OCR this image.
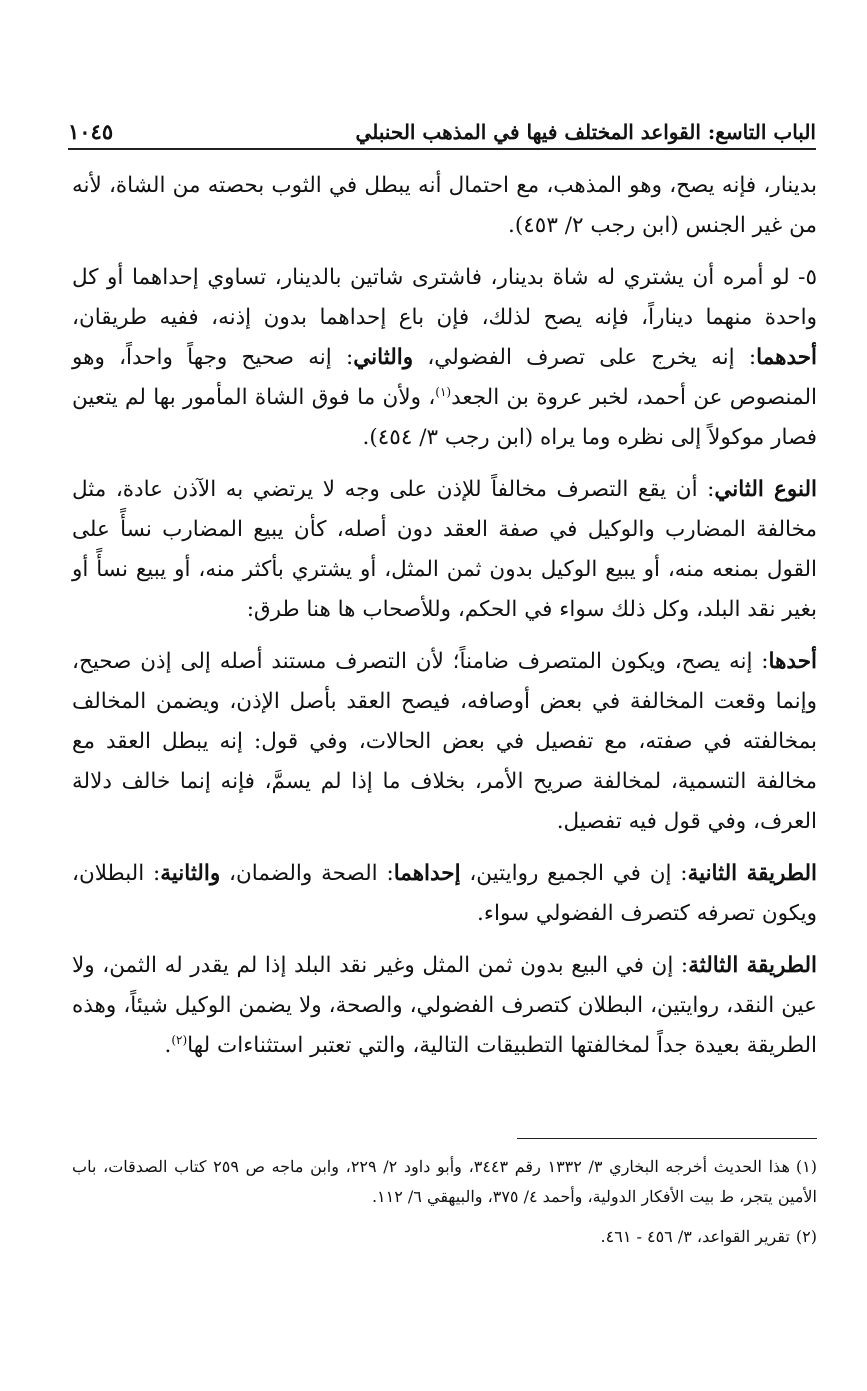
الباب التاسع: القواعد المختلف فيها في المذهب الحنبلي
١٠٤٥

بدينار، فإنه يصح، وهو المذهب، مع احتمال أنه يبطل في الثوب بحصته من الشاة، لأنه من غير الجنس (ابن رجب ٢/ ٤٥٣).

٥- لو أمره أن يشتري له شاة بدينار، فاشترى شاتين بالدينار، تساوي إحداهما أو كل واحدة منهما ديناراً، فإنه يصح لذلك، فإن باع إحداهما بدون إذنه، ففيه طريقان، أحدهما: إنه يخرج على تصرف الفضولي، والثاني: إنه صحيح وجهاً واحداً، وهو المنصوص عن أحمد، لخبر عروة بن الجعد$^{(١)}$، ولأن ما فوق الشاة المأمور بها لم يتعين فصار موكولاً إلى نظره وما يراه (ابن رجب ٣/ ٤٥٤).

النوع الثاني: أن يقع التصرف مخالفاً للإذن على وجه لا يرتضي به الآذن عادة، مثل مخالفة المضارب والوكيل في صفة العقد دون أصله، كأن يبيع المضارب نسأً على القول بمنعه منه، أو يبيع الوكيل بدون ثمن المثل، أو يشتري بأكثر منه، أو يبيع نسأً أو بغير نقد البلد، وكل ذلك سواء في الحكم، وللأصحاب ها هنا طرق:

أحدها: إنه يصح، ويكون المتصرف ضامناً؛ لأن التصرف مستند أصله إلى إذن صحيح، وإنما وقعت المخالفة في بعض أوصافه، فيصح العقد بأصل الإذن، ويضمن المخالف بمخالفته في صفته، مع تفصيل في بعض الحالات، وفي قول: إنه يبطل العقد مع مخالفة التسمية، لمخالفة صريح الأمر، بخلاف ما إذا لم يسمَّ، فإنه إنما خالف دلالة العرف، وفي قول فيه تفصيل.

الطريقة الثانية: إن في الجميع روايتين، إحداهما: الصحة والضمان، والثانية: البطلان، ويكون تصرفه كتصرف الفضولي سواء.

الطريقة الثالثة: إن في البيع بدون ثمن المثل وغير نقد البلد إذا لم يقدر له الثمن، ولا عين النقد، روايتين، البطلان كتصرف الفضولي، والصحة، ولا يضمن الوكيل شيئاً، وهذه الطريقة بعيدة جداً لمخالفتها التطبيقات التالية، والتي تعتبر استثناءات لها$^{(٢)}$.

(١)هذا الحديث أخرجه البخاري ٣/ ١٣٣٢ رقم ٣٤٤٣، وأبو داود ٢/ ٢٢٩، وابن ماجه ص ٢٥٩ كتاب الصدقات، باب الأمين يتجر، ط بيت الأفكار الدولية، وأحمد ٤/ ٣٧٥، والبيهقي ٦/ ١١٢.

(٢)تقرير القواعد، ٣/ ٤٥٦ - ٤٦١.
